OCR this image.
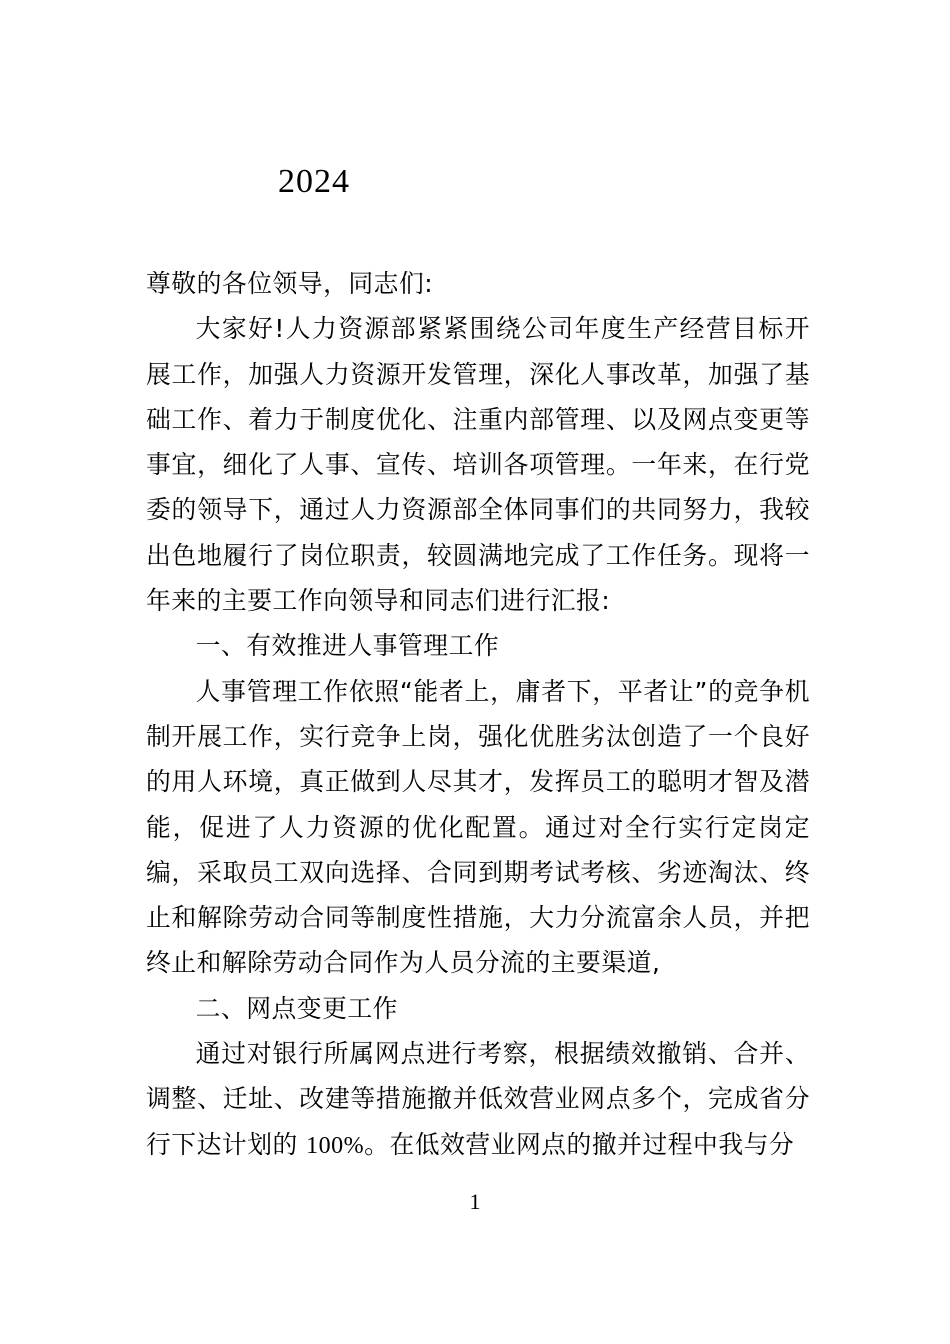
2024

尊敬的各位领导，同志们:

大家好!人力资源部紧紧围绕公司年度生产经营目标开展工作，加强人力资源开发管理，深化人事改革，加强了基础工作、着力于制度优化、注重内部管理、以及网点变更等事宜，细化了人事、宣传、培训各项管理。一年来，在行党委的领导下，通过人力资源部全体同事们的共同努力，我较出色地履行了岗位职责，较圆满地完成了工作任务。现将一年来的主要工作向领导和同志们进行汇报:

一、有效推进人事管理工作

人事管理工作依照“能者上，庸者下，平者让”的竞争机制开展工作，实行竞争上岗，强化优胜劣汰创造了一个良好的用人环境，真正做到人尽其才，发挥员工的聪明才智及潜能，促进了人力资源的优化配置。通过对全行实行定岗定编，采取员工双向选择、合同到期考试考核、劣迹淘汰、终止和解除劳动合同等制度性措施，大力分流富余人员，并把终止和解除劳动合同作为人员分流的主要渠道,

二、网点变更工作

通过对银行所属网点进行考察，根据绩效撤销、合并、调整、迁址、改建等措施撤并低效营业网点多个，完成省分行下达计划的 100%。在低效营业网点的撤并过程中我与分

1
